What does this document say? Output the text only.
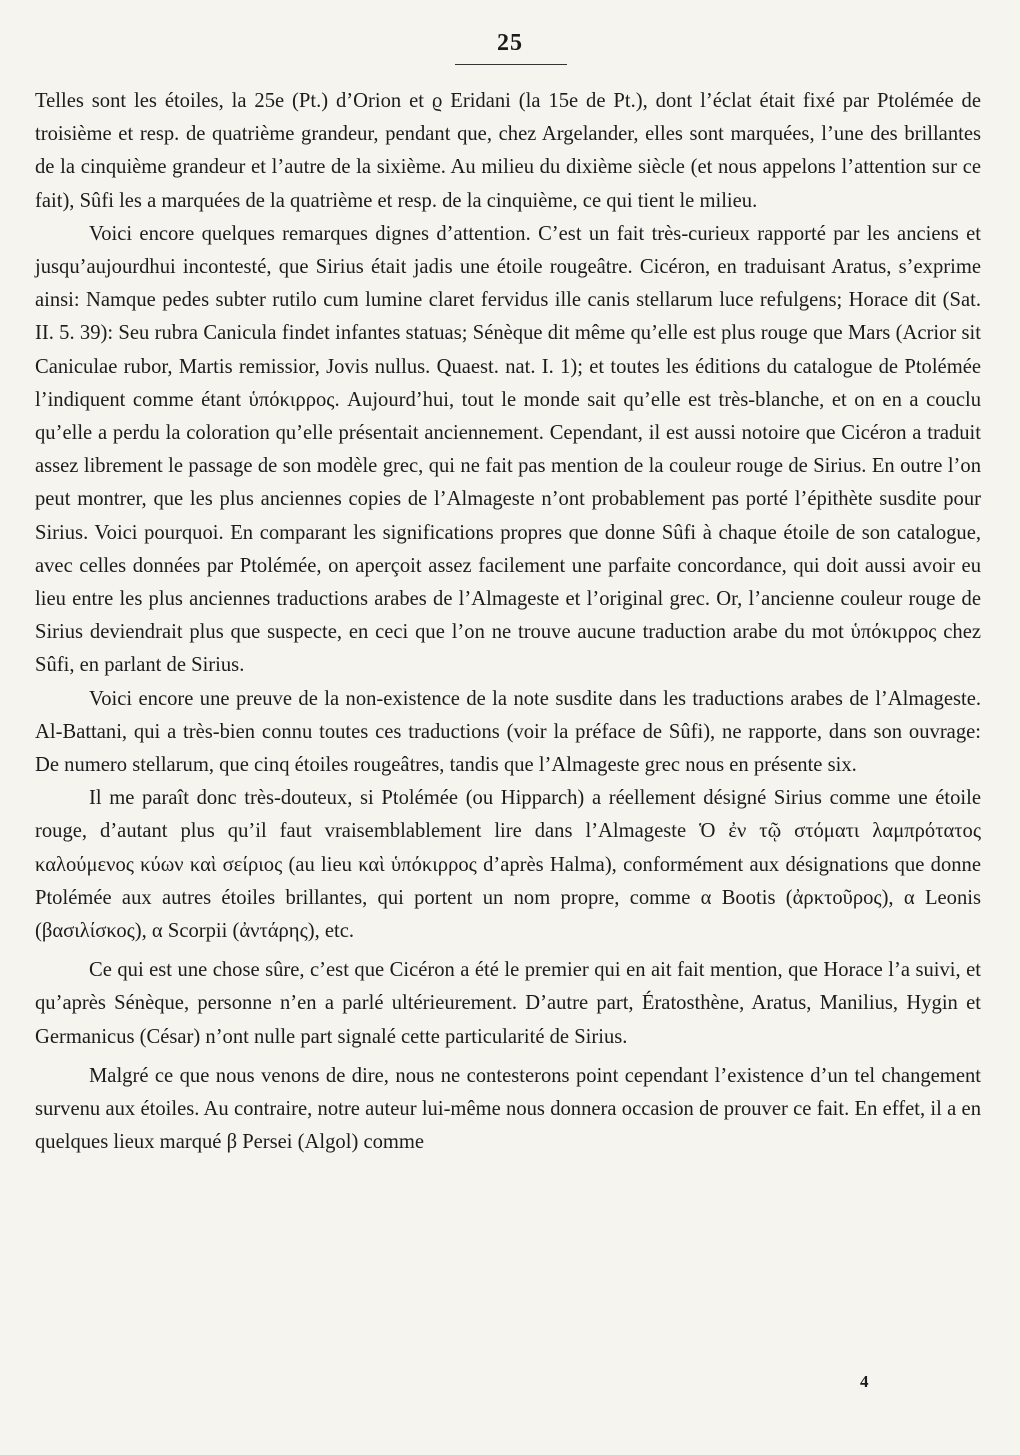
25

Telles sont les étoiles, la 25e (Pt.) d’Orion et ϱ Eridani (la 15e de Pt.), dont l’éclat était fixé par Ptolémée de troisième et resp. de quatrième grandeur, pendant que, chez Argelander, elles sont marquées, l’une des brillantes de la cinquième grandeur et l’autre de la sixième. Au milieu du dixième siècle (et nous appelons l’attention sur ce fait), Sûfi les a marquées de la quatrième et resp. de la cinquième, ce qui tient le milieu.

Voici encore quelques remarques dignes d’attention. C’est un fait très-curieux rapporté par les anciens et jusqu’aujourdhui incontesté, que Sirius était jadis une étoile rougeâtre. Cicéron, en traduisant Aratus, s’exprime ainsi: Namque pedes subter rutilo cum lumine claret fervidus ille canis stellarum luce refulgens; Horace dit (Sat. II. 5. 39): Seu rubra Canicula findet infantes statuas; Sénèque dit même qu’elle est plus rouge que Mars (Acrior sit Caniculae rubor, Martis remissior, Jovis nullus. Quaest. nat. I. 1); et toutes les éditions du catalogue de Ptolémée l’indiquent comme étant ὑπόκιρρος. Aujourd’hui, tout le monde sait qu’elle est très-blanche, et on en a couclu qu’elle a perdu la coloration qu’elle présentait anciennement. Cependant, il est aussi notoire que Cicéron a traduit assez librement le passage de son modèle grec, qui ne fait pas mention de la couleur rouge de Sirius. En outre l’on peut montrer, que les plus anciennes copies de l’Almageste n’ont probablement pas porté l’épithète susdite pour Sirius. Voici pourquoi. En comparant les significations propres que donne Sûfi à chaque étoile de son catalogue, avec celles données par Ptolémée, on aperçoit assez facilement une parfaite concordance, qui doit aussi avoir eu lieu entre les plus anciennes traductions arabes de l’Almageste et l’original grec. Or, l’ancienne couleur rouge de Sirius deviendrait plus que suspecte, en ceci que l’on ne trouve aucune traduction arabe du mot ὑπόκιρρος chez Sûfi, en parlant de Sirius.

Voici encore une preuve de la non-existence de la note susdite dans les traductions arabes de l’Almageste. Al-Battani, qui a très-bien connu toutes ces traductions (voir la préface de Sûfi), ne rapporte, dans son ouvrage: De numero stellarum, que cinq étoiles rougeâtres, tandis que l’Almageste grec nous en présente six.

Il me paraît donc très-douteux, si Ptolémée (ou Hipparch) a réellement désigné Sirius comme une étoile rouge, d’autant plus qu’il faut vraisemblablement lire dans l’Almageste Ὁ ἐν τῷ στόματι λαμπρότατος καλούμενος κύων καὶ σείριος (au lieu καὶ ὑπόκιρρος d’après Halma), conformément aux désignations que donne Ptolémée aux autres étoiles brillantes, qui portent un nom propre, comme α Bootis (ἀρκτοῦρος), α Leonis (βασιλίσκος), α Scorpii (ἀντάρης), etc.

Ce qui est une chose sûre, c’est que Cicéron a été le premier qui en ait fait mention, que Horace l’a suivi, et qu’après Sénèque, personne n’en a parlé ultérieurement. D’autre part, Ératosthène, Aratus, Manilius, Hygin et Germanicus (César) n’ont nulle part signalé cette particularité de Sirius.

Malgré ce que nous venons de dire, nous ne contesterons point cependant l’existence d’un tel changement survenu aux étoiles. Au contraire, notre auteur lui-même nous donnera occasion de prouver ce fait. En effet, il a en quelques lieux marqué β Persei (Algol) comme

4
